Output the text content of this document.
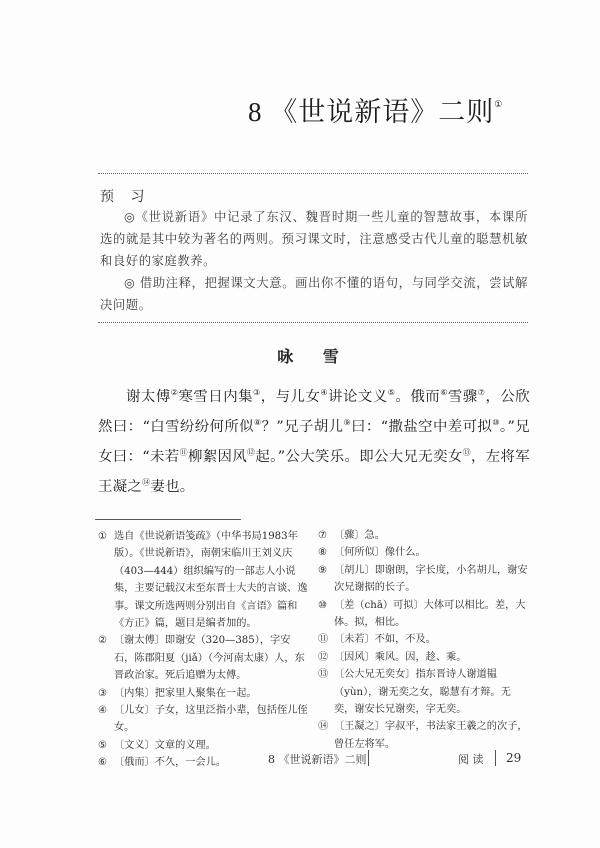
8 《世说新语》二则①
预 习
◎《世说新语》中记录了东汉、魏晋时期一些儿童的智慧故事，本课所选的就是其中较为著名的两则。预习课文时，注意感受古代儿童的聪慧机敏和良好的家庭教养。
◎ 借助注释，把握课文大意。画出你不懂的语句，与同学交流，尝试解决问题。
咏 雪
谢太傅②寒雪日内集③，与儿女④讲论文义⑤。俄而⑥雪骤⑦，公欣然曰：“白雪纷纷何所似⑧？”兄子胡儿⑨曰：“撒盐空中差可拟⑩。”兄女曰：“未若⑪柳絮因风⑫起。”公大笑乐。即公大兄无奕女⑬，左将军王凝之⑭妻也。
① 选自《世说新语笺疏》（中华书局1983年版）。《世说新语》，南朝宋临川王刘义庆（403—444）组织编写的一部志人小说集，主要记载汉末至东晋士大夫的言谈、逸事。课文所选两则分别出自《言语》篇和《方正》篇，题目是编者加的。
② 〔谢太傅〕即谢安（320—385），字安石，陈郡阳夏（jiǎ）（今河南太康）人，东晋政治家。死后追赠为太傅。
③ 〔内集〕把家里人聚集在一起。
④ 〔儿女〕子女，这里泛指小辈，包括侄儿侄女。
⑤ 〔文义〕文章的义理。
⑥ 〔俄而〕不久，一会儿。
⑦ 〔骤〕急。
⑧ 〔何所似〕像什么。
⑨ 〔胡儿〕即谢朗，字长度，小名胡儿，谢安次兄谢据的长子。
⑩ 〔差（chā）可拟〕大体可以相比。差，大体。拟，相比。
⑪ 〔未若〕不如，不及。
⑫ 〔因风〕乘风。因，趁、乘。
⑬ 〔公大兄无奕女〕指东晋诗人谢道韫（yùn），谢无奕之女，聪慧有才辩。无奕，谢安长兄谢奕，字无奕。
⑭ 〔王凝之〕字叔平，书法家王羲之的次子，曾任左将军。
8 《世说新语》二则	阅 读 29
